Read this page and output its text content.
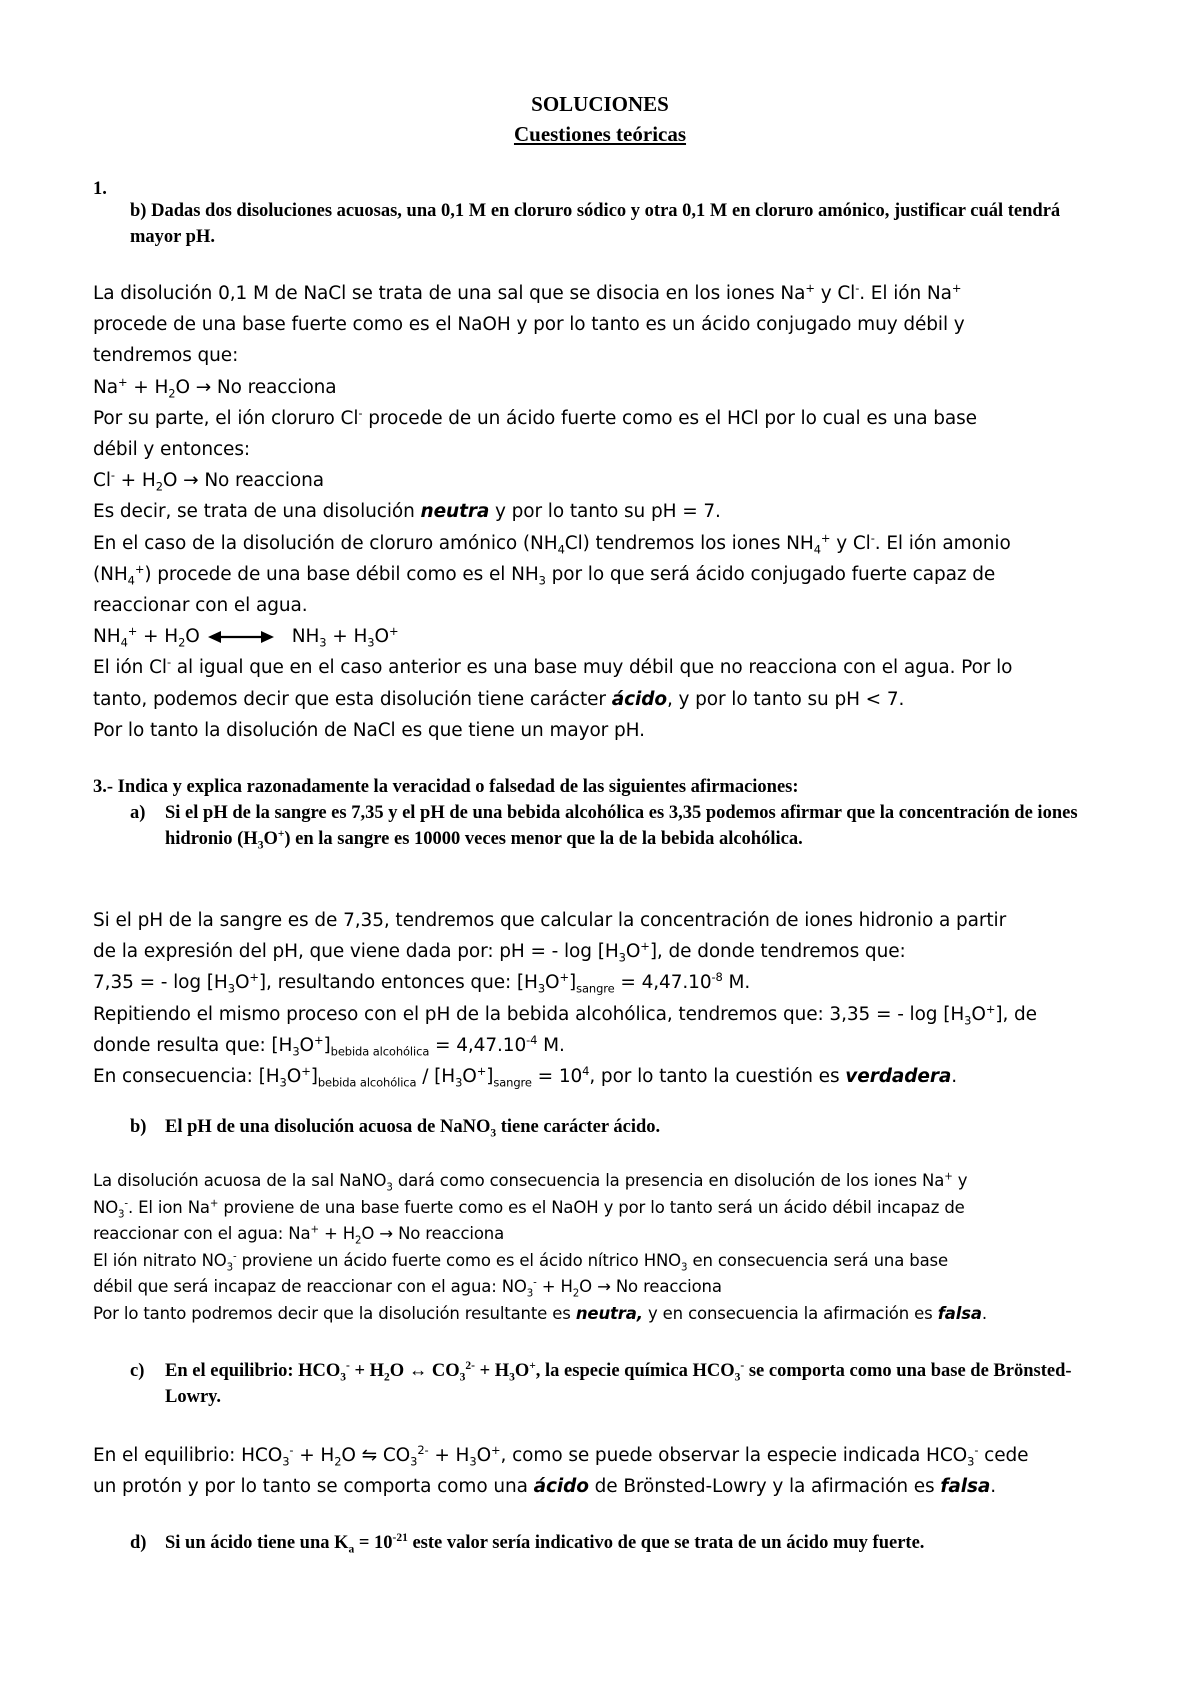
SOLUCIONES
Cuestiones teóricas
1.
b) Dadas dos disoluciones acuosas, una 0,1 M en cloruro sódico y otra 0,1 M en cloruro amónico, justificar cuál tendrá mayor pH.

La disolución 0,1 M de NaCl se trata de una sal que se disocia en los iones Na+ y Cl-. El ión Na+

procede de una base fuerte como es el NaOH y por lo tanto es un ácido conjugado muy débil y

tendremos que:

$Na^+ + H_2O \to No$ reacciona

Por su parte, el ión cloruro Cl- procede de un ácido fuerte como es el HCl por lo cual es una base

débil y entonces:

$Cl^- + H_2O \to No$ reacciona

Es decir, se trata de una disolución neutra y por lo tanto su pH = 7.

En el caso de la disolución de cloruro amónico $(NH_4Cl)$ tendremos los iones $NH_4^+$ y Cl-. El ión amonio

$(NH_4^+)$ procede de una base débil como es el $NH_3$ por lo que será ácido conjugado fuerte capaz de

reaccionar con el agua.

$NH_4^+ + H_2O$	$NH_3 + H_3O^+$

El ión Cl- al igual que en el caso anterior es una base muy débil que no reacciona con el agua. Por lo

tanto, podemos decir que esta disolución tiene carácter ácido, y por lo tanto su pH < 7.

Por lo tanto la disolución de NaCl es que tiene un mayor pH.

3.- Indica y explica razonadamente la veracidad o falsedad de las siguientes afirmaciones:
a) Si el pH de la sangre es 7,35 y el pH de una bebida alcohólica es 3,35 podemos afirmar que la concentración de iones hidronio $(H_3O^+)$ en la sangre es 10000 veces menor que la de la bebida alcohólica.

Si el pH de la sangre es de 7,35, tendremos que calcular la concentración de iones hidronio a partir

de la expresión del pH, que viene dada por: pH = - $\log [H_3O^+]$, de donde tendremos que:

7,35 = - $\log [H_3O^+]$, resultando entonces que: $[H_3O^+]_{sangre} = 4,47.10^{-8}$ M.

Repitiendo el mismo proceso con el pH de la bebida alcohólica, tendremos que: 3,35 = - $\log [H_3O^+]$, de

donde resulta que: $[H_3O^+]_{bebida alcohólica} = 4,47.10^{-4}$ M.

En consecuencia: $[H_3O^+]_{bebida alcohólica} / [H_3O^+]_{sangre} = 10^4$, por lo tanto la cuestión es verdadera.

b) El pH de una disolución acuosa de NaNO$_3$ tiene carácter ácido.

La disolución acuosa de la sal NaNO$_3$ dará como consecuencia la presencia en disolución de los iones Na+ y

$NO_3^-$. El ion Na+ proviene de una base fuerte como es el NaOH y por lo tanto será un ácido débil incapaz de

reaccionar con el agua: $Na^+ + H_2O \to No$ reacciona

El ión nitrato $NO_3^-$ proviene un ácido fuerte como es el ácido nítrico $HNO_3$ en consecuencia será una base

débil que será incapaz de reaccionar con el agua: $NO_3^- + H_2O \to No$ reacciona

Por lo tanto podremos decir que la disolución resultante es neutra, y en consecuencia la afirmación es falsa.

c) En el equilibrio: $HCO_3^- + H_2O$ ↔ $CO_3^{2-} + H_3O^+$, la especie química $HCO_3^-$ se comporta como una base de Brönsted-Lowry.

En el equilibrio: $HCO_3^- + H_2O$ ⇋ $CO_3^{2-} + H_3O^+$, como se puede observar la especie indicada $HCO_3^-$ cede

un protón y por lo tanto se comporta como una ácido de Brönsted-Lowry y la afirmación es falsa.

d) Si un ácido tiene una $K_a = 10^{-21}$ este valor sería indicativo de que se trata de un ácido muy fuerte.
